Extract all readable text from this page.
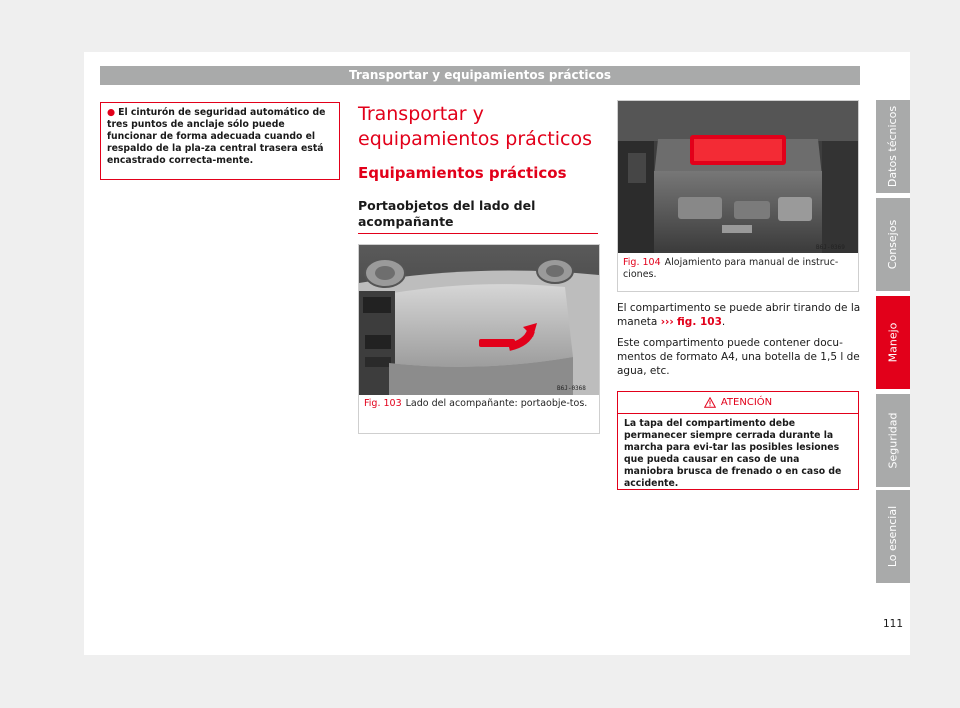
Transportar y equipamientos prácticos

● El cinturón de seguridad automático de tres puntos de anclaje sólo puede funcionar de forma adecuada cuando el respaldo de la pla-za central trasera está encastrado correcta-mente.

Transportar y equipamientos prácticos
Equipamientos prácticos
Portaobjetos del lado del acompañante
B6J-0368
Fig. 103 Lado del acompañante: portaobje-tos.
B6J-0369
Fig. 104 Alojamiento para manual de instruc-ciones.

El compartimento se puede abrir tirando de la maneta ››› fig. 103.

Este compartimento puede contener docu-mentos de formato A4, una botella de 1,5 l de agua, etc.

ATENCIÓN

La tapa del compartimento debe permanecer siempre cerrada durante la marcha para evi-tar las posibles lesiones que pueda causar en caso de una maniobra brusca de frenado o en caso de accidente.

Datos técnicos
Consejos
Manejo
Seguridad
Lo esencial
111
